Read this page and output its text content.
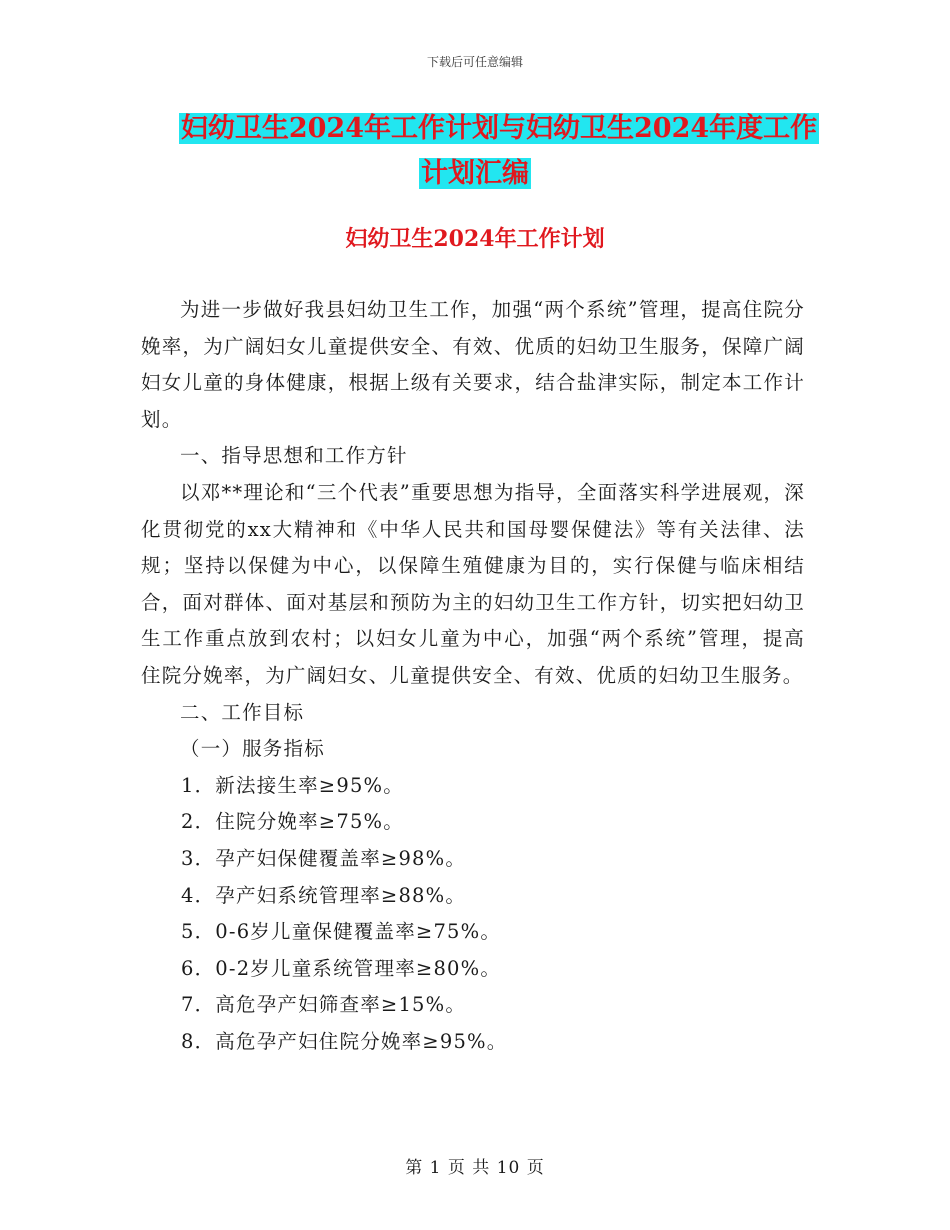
下载后可任意编辑
妇幼卫生2024年工作计划与妇幼卫生2024年度工作
计划汇编
妇幼卫生2024年工作计划

为进一步做好我县妇幼卫生工作，加强“两个系统”管理，提高住院分娩率，为广阔妇女儿童提供安全、有效、优质的妇幼卫生服务，保障广阔妇女儿童的身体健康，根据上级有关要求，结合盐津实际，制定本工作计划。

一、指导思想和工作方针

以邓**理论和“三个代表”重要思想为指导，全面落实科学进展观，深化贯彻党的xx大精神和《中华人民共和国母婴保健法》等有关法律、法规；坚持以保健为中心，以保障生殖健康为目的，实行保健与临床相结合，面对群体、面对基层和预防为主的妇幼卫生工作方针，切实把妇幼卫生工作重点放到农村；以妇女儿童为中心，加强“两个系统”管理，提高住院分娩率，为广阔妇女、儿童提供安全、有效、优质的妇幼卫生服务。

二、工作目标

（一）服务指标

1．新法接生率≥95%。

2．住院分娩率≥75%。

3．孕产妇保健覆盖率≥98%。

4．孕产妇系统管理率≥88%。

5．0-6岁儿童保健覆盖率≥75%。

6．0-2岁儿童系统管理率≥80%。

7．高危孕产妇筛查率≥15%。

8．高危孕产妇住院分娩率≥95%。

第 1 页 共 10 页
